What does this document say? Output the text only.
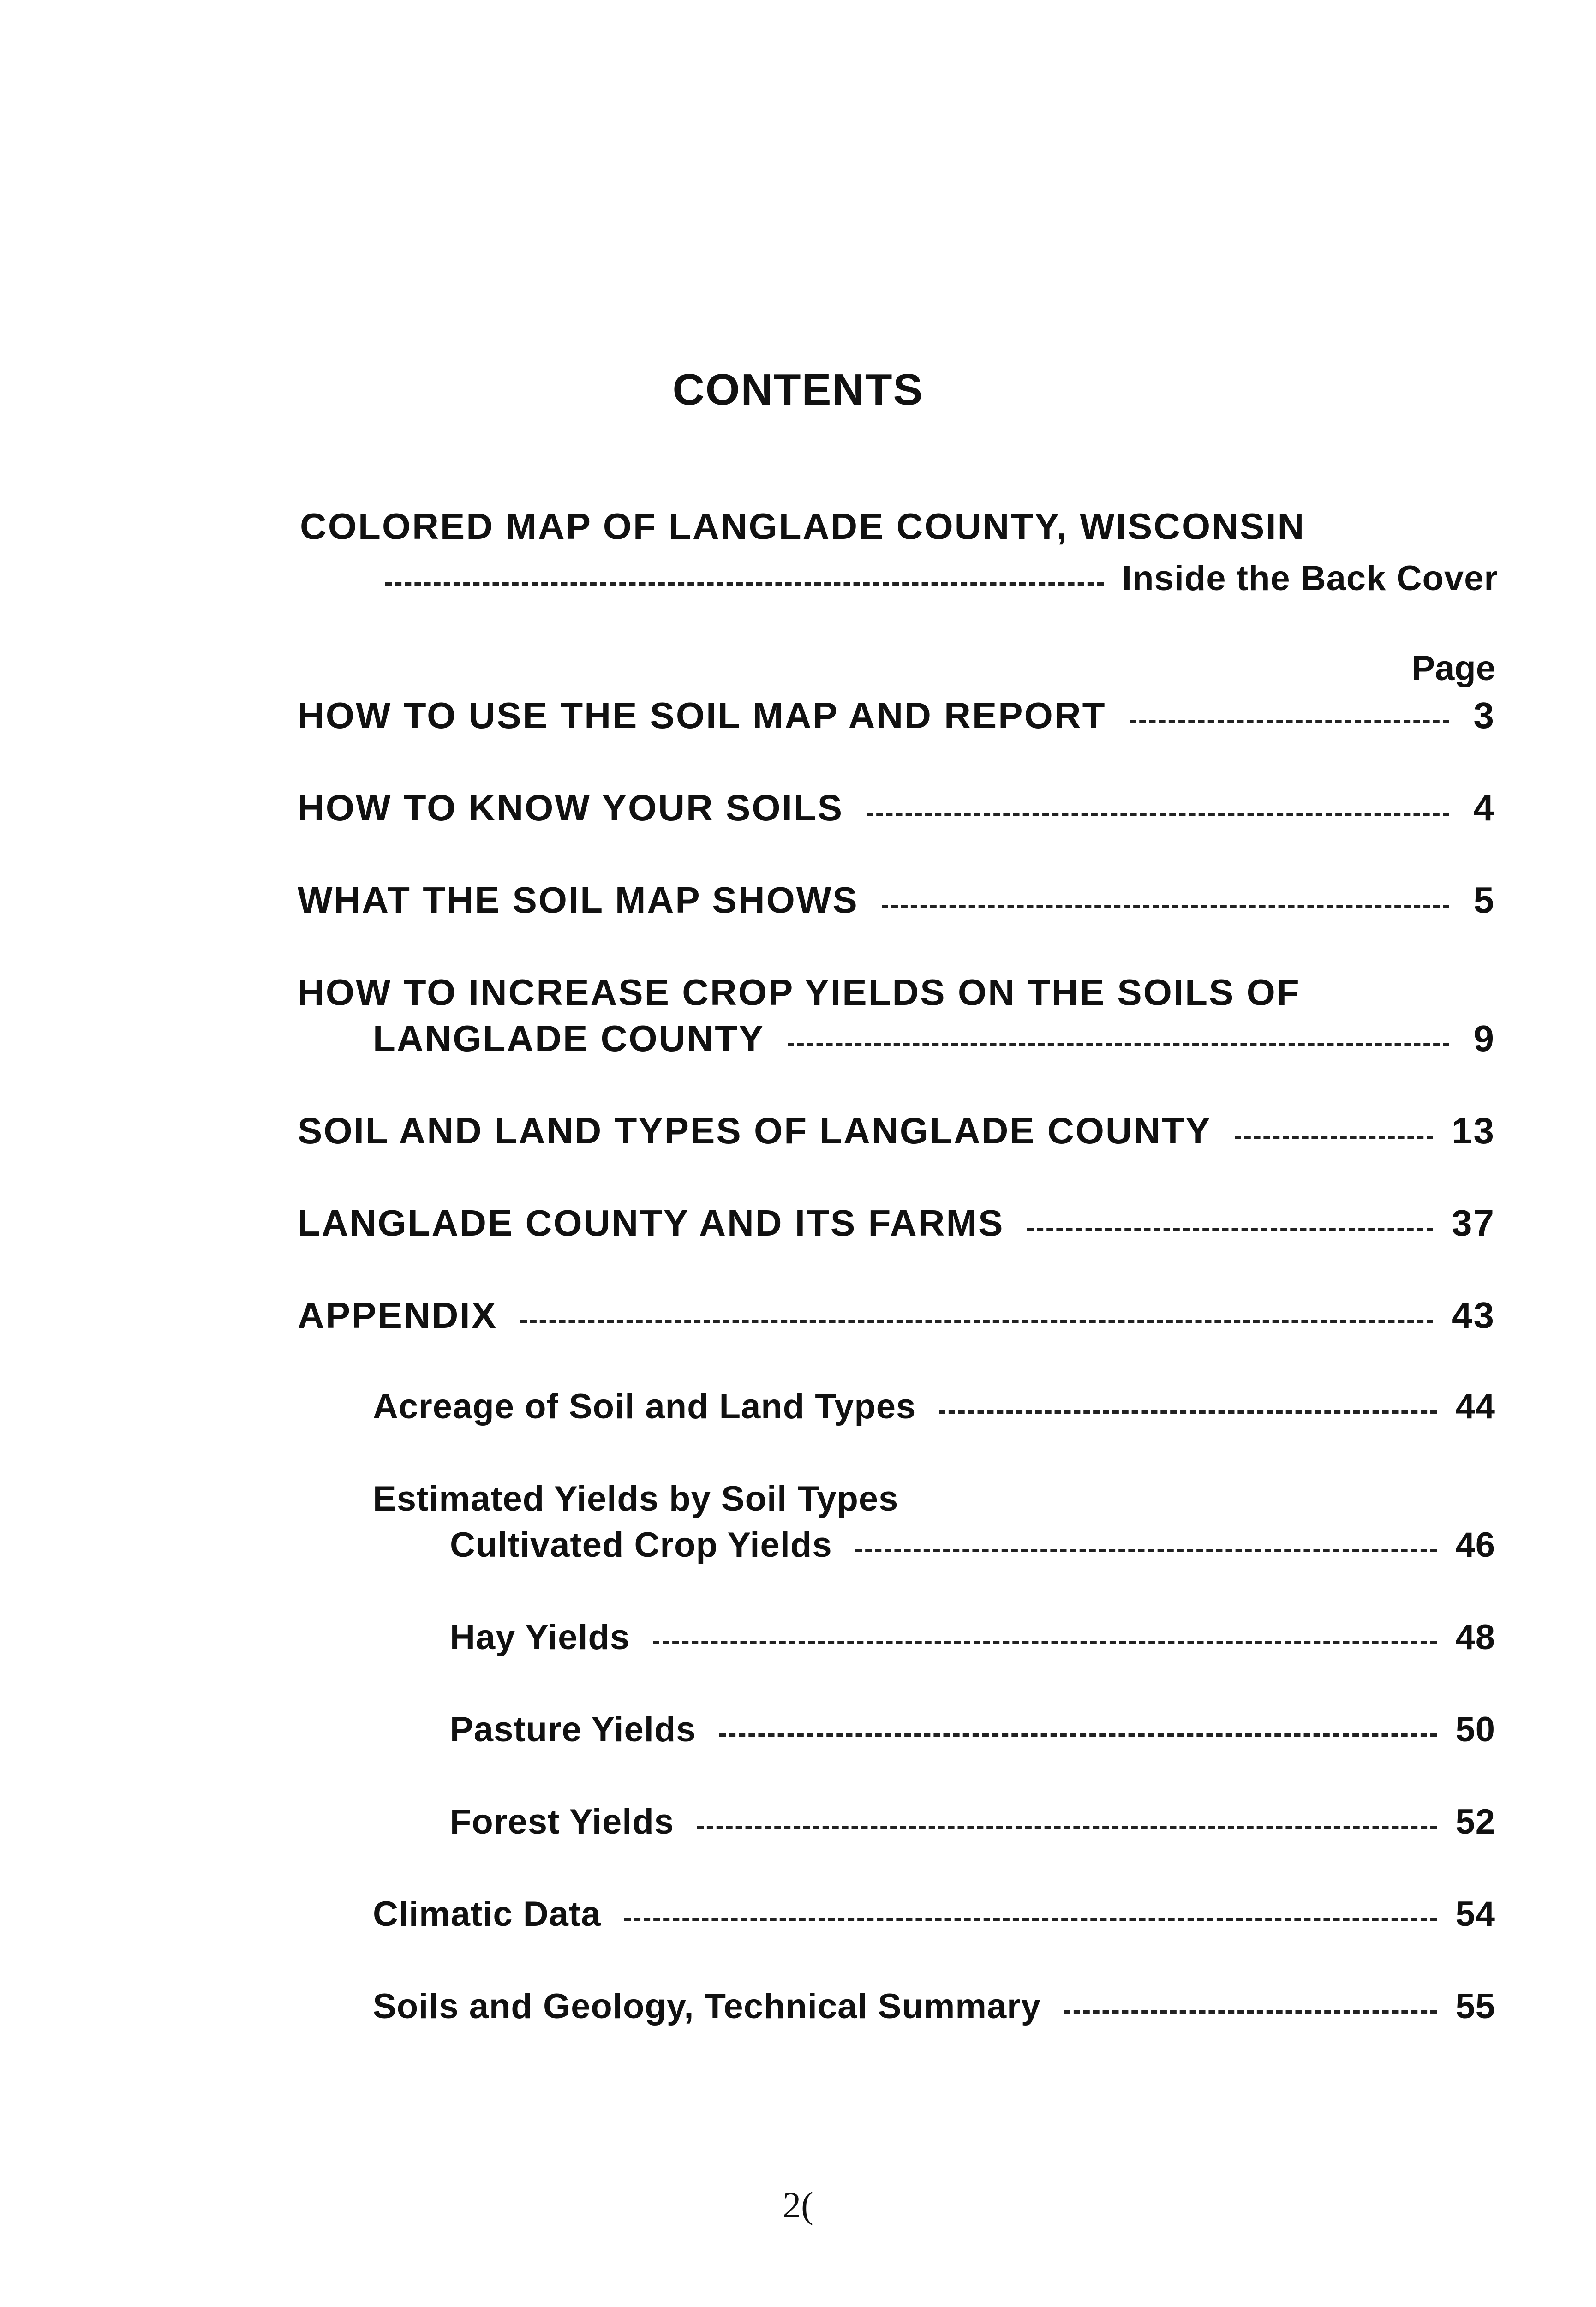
CONTENTS
COLORED MAP OF LANGLADE COUNTY, WISCONSIN
Inside the Back Cover
Page
HOW TO USE THE SOIL MAP AND REPORT	3
HOW TO KNOW YOUR SOILS	4
WHAT THE SOIL MAP SHOWS	5
HOW TO INCREASE CROP YIELDS ON THE SOILS OF
LANGLADE COUNTY	9
SOIL AND LAND TYPES OF LANGLADE COUNTY	13
LANGLADE COUNTY AND ITS FARMS	37
APPENDIX	43
Acreage of Soil and Land Types	44
Estimated Yields by Soil Types
Cultivated Crop Yields	46
Hay Yields	48
Pasture Yields	50
Forest Yields	52
Climatic Data	54
Soils and Geology, Technical Summary	55
2(
